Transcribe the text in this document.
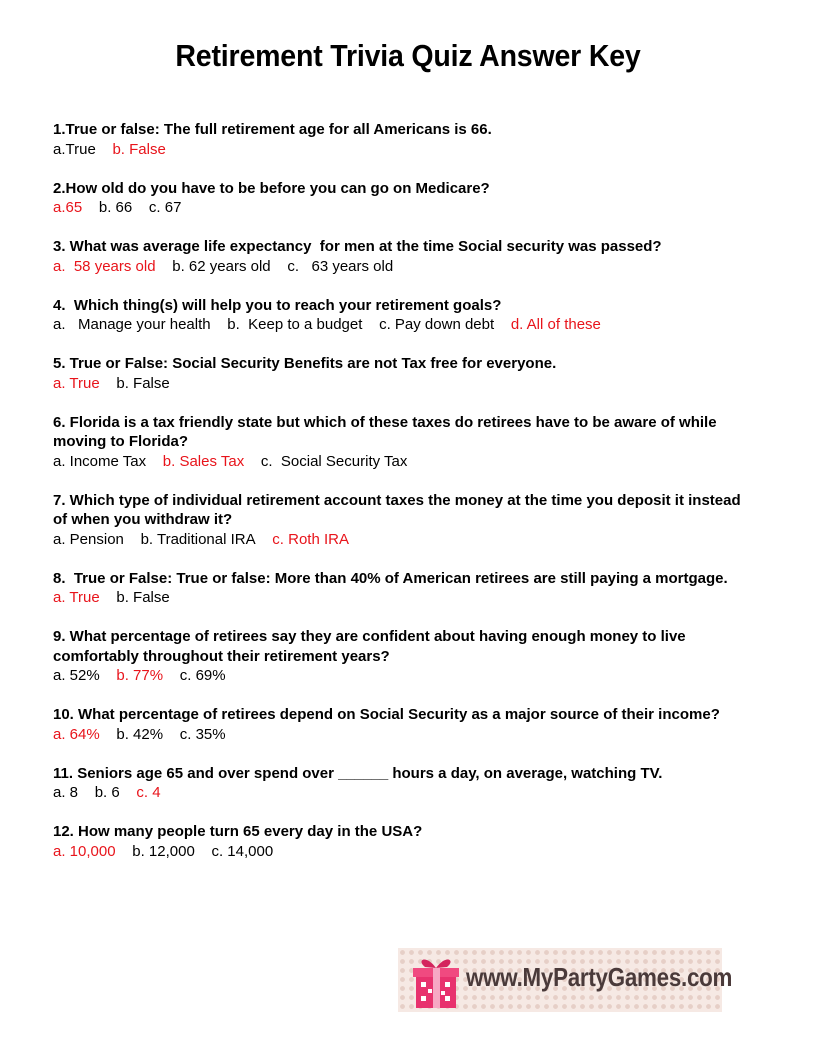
Retirement Trivia Quiz Answer Key
1.True or false: The full retirement age for all Americans is 66.
a.True b. False
2.How old do you have to be before you can go on Medicare?
a.65 b. 66 c. 67
3. What was average life expectancy  for men at the time Social security was passed?
a.  58 years old b. 62 years old c.   63 years old
4.  Which thing(s) will help you to reach your retirement goals?
a.   Manage your health b.  Keep to a budget c. Pay down debt d. All of these
5. True or False: Social Security Benefits are not Tax free for everyone.
a. True b. False
6. Florida is a tax friendly state but which of these taxes do retirees have to be aware of while moving to Florida?
a. Income Tax b. Sales Tax c.  Social Security Tax
7. Which type of individual retirement account taxes the money at the time you deposit it instead of when you withdraw it?
a. Pension b. Traditional IRA c. Roth IRA
8.  True or False: True or false: More than 40% of American retirees are still paying a mortgage.
a. True b. False
9. What percentage of retirees say they are confident about having enough money to live comfortably throughout their retirement years?
a. 52% b. 77% c. 69%
10. What percentage of retirees depend on Social Security as a major source of their income?
a. 64% b. 42% c. 35%
11. Seniors age 65 and over spend over ______ hours a day, on average, watching TV.
a. 8 b. 6 c. 4
12. How many people turn 65 every day in the USA?
a. 10,000 b. 12,000 c. 14,000
www.MyPartyGames.com
